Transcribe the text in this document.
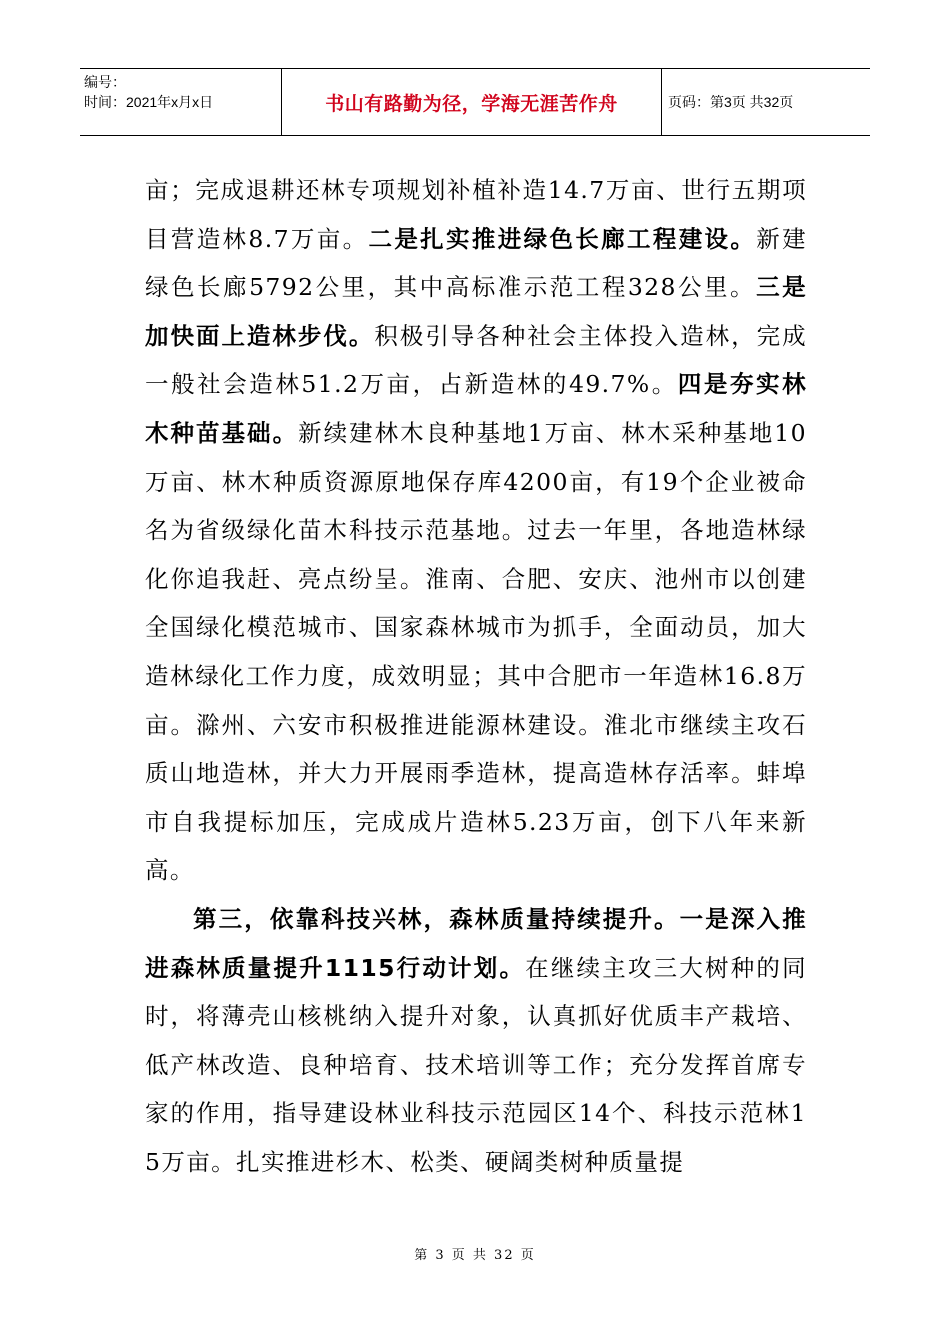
编号：
时间：2021年x月x日	书山有路勤为径，学海无涯苦作舟	页码：第3页 共32页

亩；完成退耕还林专项规划补植补造14.7万亩、世行五期项目营造林8.7万亩。二是扎实推进绿色长廊工程建设。新建绿色长廊5792公里，其中高标准示范工程328公里。三是加快面上造林步伐。积极引导各种社会主体投入造林，完成一般社会造林51.2万亩，占新造林的49.7%。四是夯实林木种苗基础。新续建林木良种基地1万亩、林木采种基地10万亩、林木种质资源原地保存库4200亩，有19个企业被命名为省级绿化苗木科技示范基地。过去一年里，各地造林绿化你追我赶、亮点纷呈。淮南、合肥、安庆、池州市以创建全国绿化模范城市、国家森林城市为抓手，全面动员，加大造林绿化工作力度，成效明显；其中合肥市一年造林16.8万亩。滁州、六安市积极推进能源林建设。淮北市继续主攻石质山地造林，并大力开展雨季造林，提高造林存活率。蚌埠市自我提标加压，完成成片造林5.23万亩，创下八年来新高。

第三，依靠科技兴林，森林质量持续提升。一是深入推进森林质量提升1115行动计划。在继续主攻三大树种的同时，将薄壳山核桃纳入提升对象，认真抓好优质丰产栽培、低产林改造、良种培育、技术培训等工作；充分发挥首席专家的作用，指导建设林业科技示范园区14个、科技示范林15万亩。扎实推进杉木、松类、硬阔类树种质量提

第 3 页 共 32 页
